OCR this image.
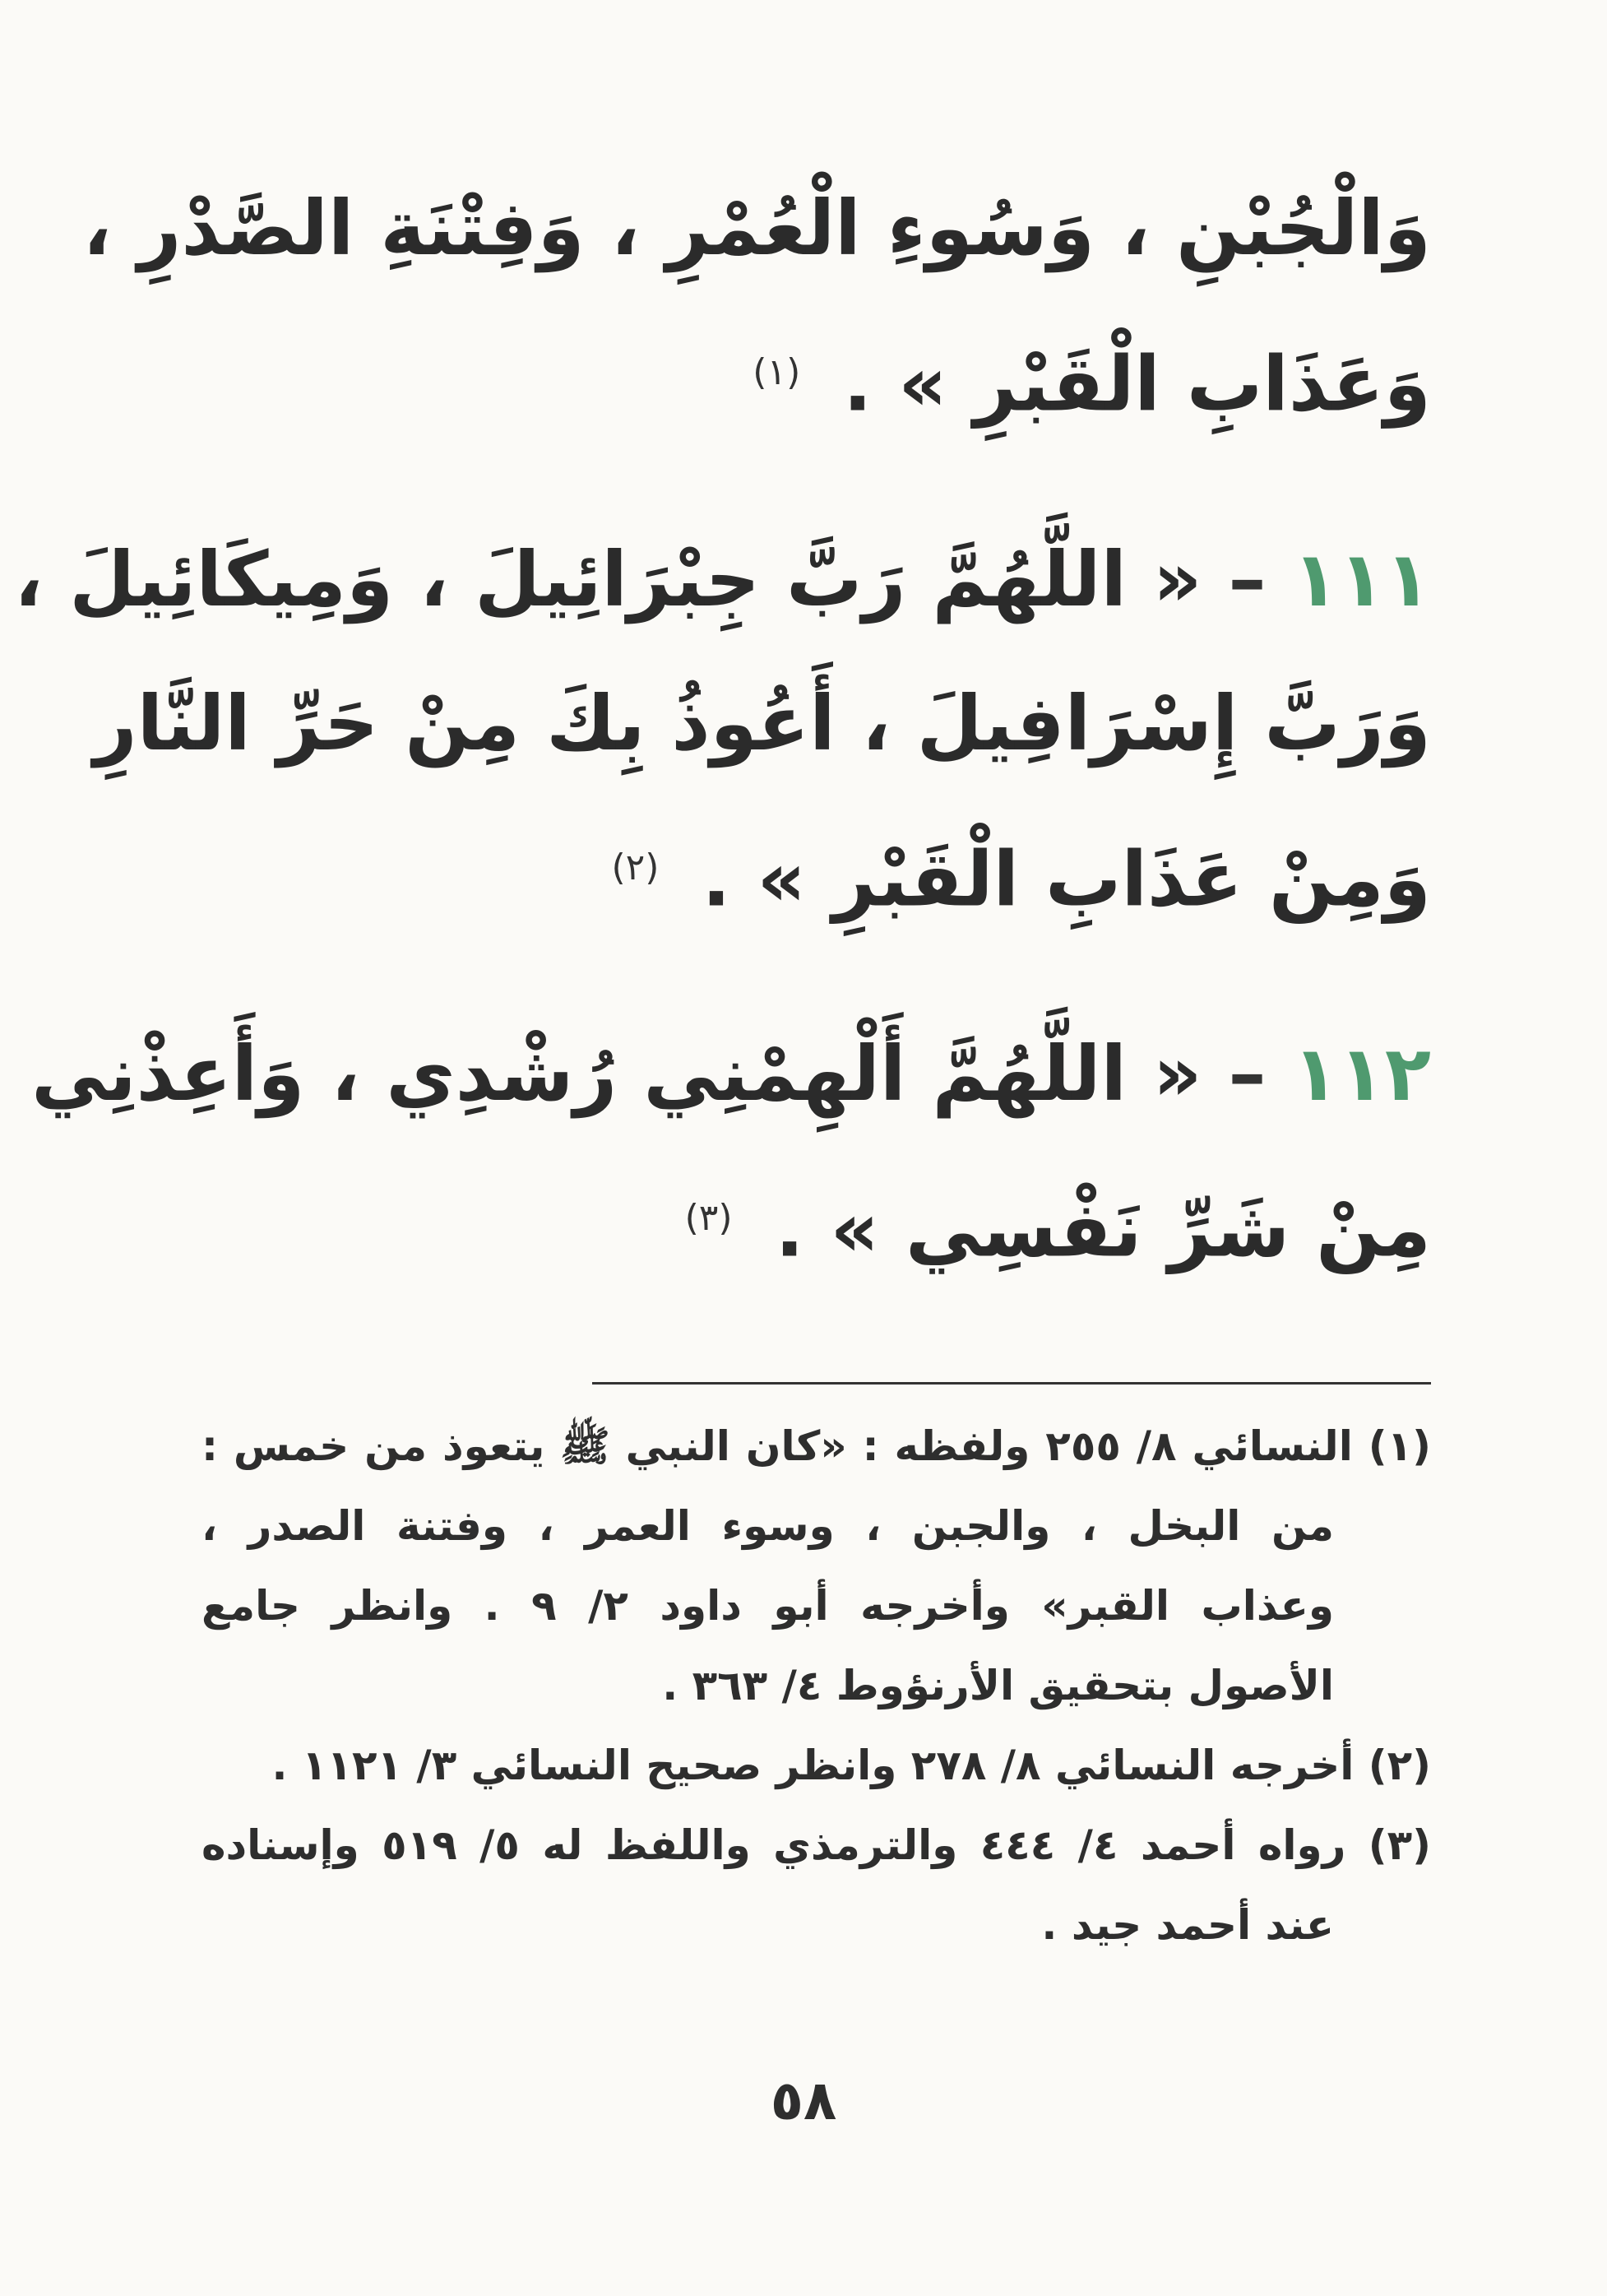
وَالْجُبْنِ ، وَسُوءِ الْعُمْرِ ، وَفِتْنَةِ الصَّدْرِ ،
وَعَذَابِ الْقَبْرِ » . $^{(١)}$
١١١ – « اللَّهُمَّ رَبَّ جِبْرَائِيلَ ، وَمِيكَائِيلَ ،
وَرَبَّ إِسْرَافِيلَ ، أَعُوذُ بِكَ مِنْ حَرِّ النَّارِ
وَمِنْ عَذَابِ الْقَبْرِ » . $^{(٢)}$
١١٢ – « اللَّهُمَّ أَلْهِمْنِي رُشْدِي ، وَأَعِذْنِي
مِنْ شَرِّ نَفْسِي » . $^{(٣)}$
(١) النسائي ٨/ ٢٥٥ ولفظه : «كان النبي ﷺ يتعوذ من خمس :
من البخل ، والجبن ، وسوء العمر ، وفتنة الصدر ،
وعذاب القبر» وأخرجه أبو داود ٢/ ٩ . وانظر جامع
الأصول بتحقيق الأرنؤوط ٤/ ٣٦٣ .
(٢) أخرجه النسائي ٨/ ٢٧٨ وانظر صحيح النسائي ٣/ ١١٢١ .
(٣) رواه أحمد ٤/ ٤٤٤ والترمذي واللفظ له ٥/ ٥١٩ وإسناده
عند أحمد جيد .
٥٨
